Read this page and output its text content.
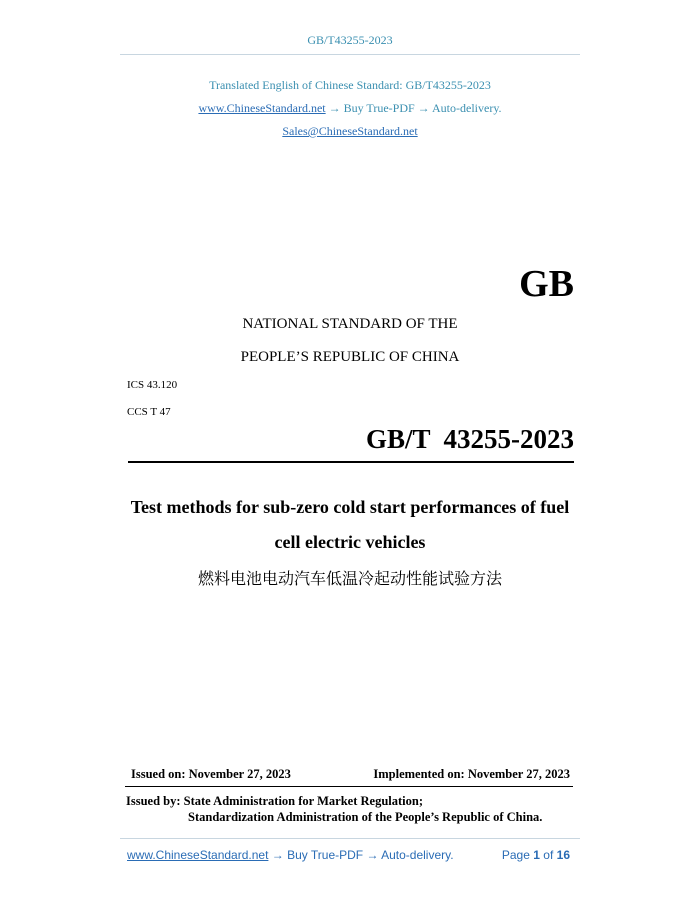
GB/T43255-2023
Translated English of Chinese Standard: GB/T43255-2023
www.ChineseStandard.net → Buy True-PDF → Auto-delivery.
Sales@ChineseStandard.net
GB
NATIONAL STANDARD OF THE
PEOPLE’S REPUBLIC OF CHINA
ICS 43.120
CCS T 47
GB/T  43255-2023
Test methods for sub-zero cold start performances of fuel
cell electric vehicles
燃料电池电动汽车低温冷起动性能试验方法
Issued on: November 27, 2023	Implemented on: November 27, 2023
Issued by: State Administration for Market Regulation;
Standardization Administration of the People’s Republic of China.
www.ChineseStandard.net → Buy True-PDF → Auto-delivery.	Page 1 of 16
